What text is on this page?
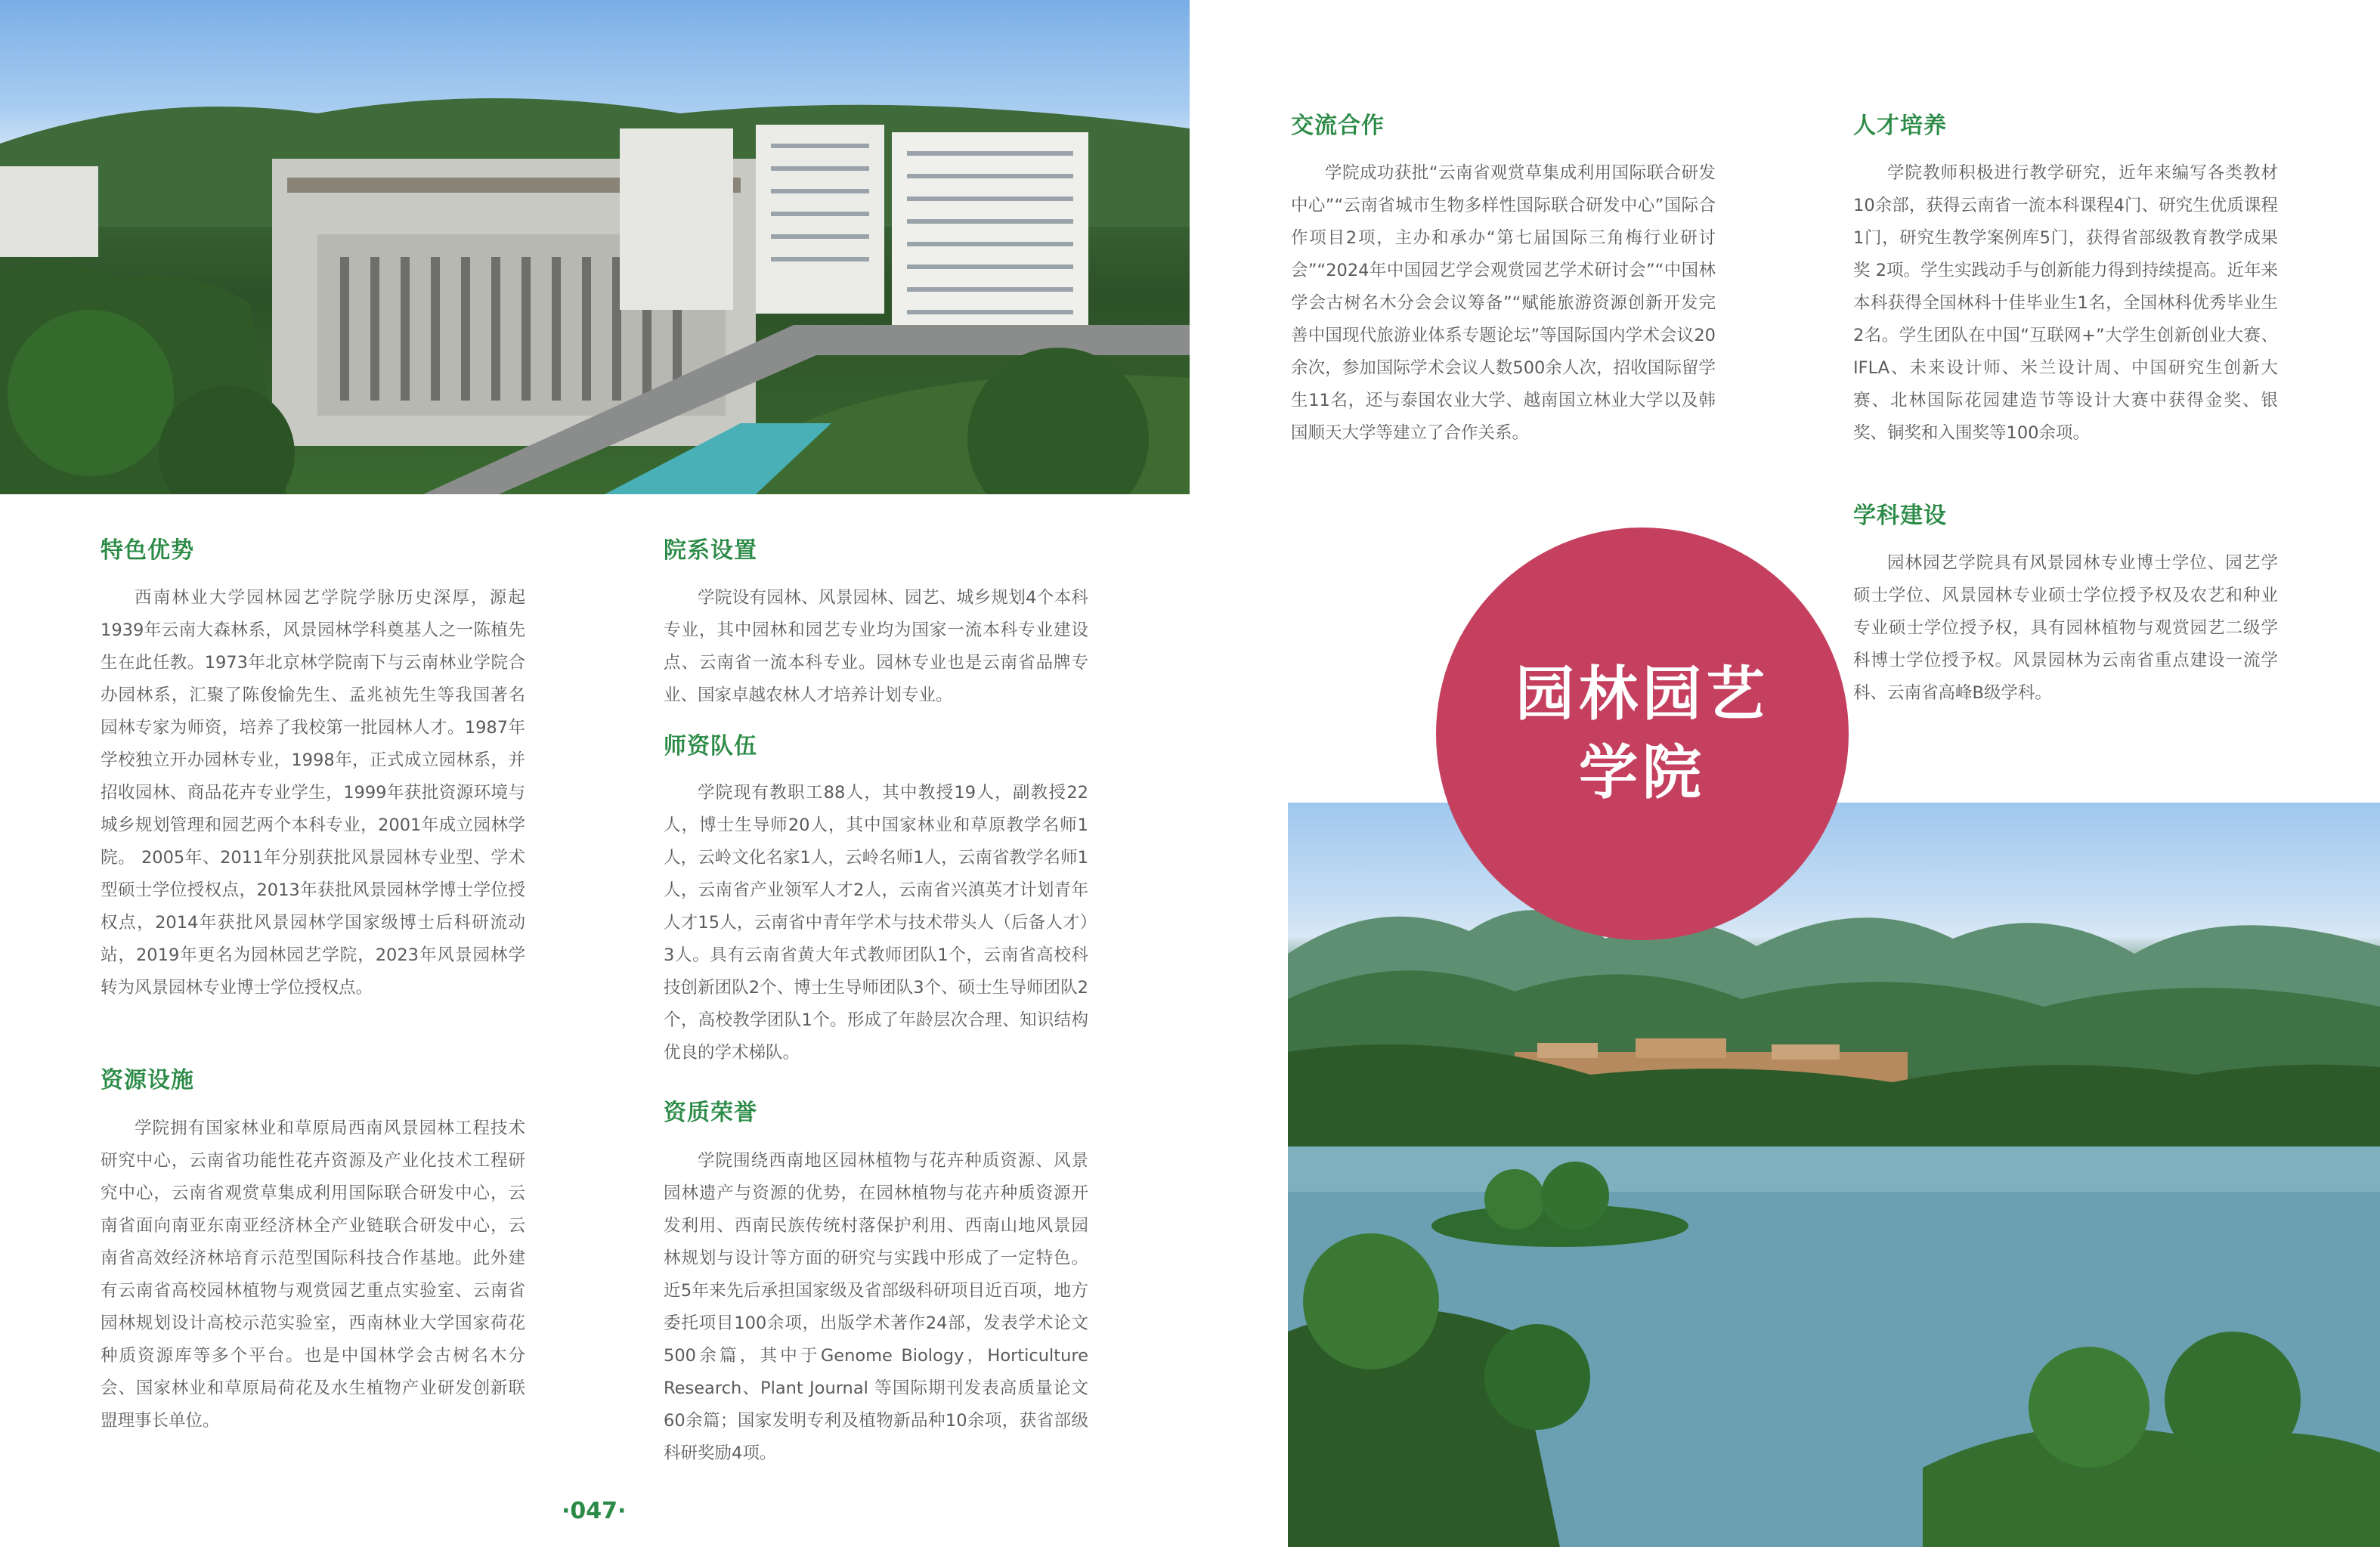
特色优势
西南林业大学园林园艺学院学脉历史深厚，源起1939年云南大森林系，风景园林学科奠基人之一陈植先生在此任教。1973年北京林学院南下与云南林业学院合办园林系，汇聚了陈俊愉先生、孟兆祯先生等我国著名园林专家为师资，培养了我校第一批园林人才。1987年学校独立开办园林专业，1998年，正式成立园林系，并招收园林、商品花卉专业学生，1999年获批资源环境与城乡规划管理和园艺两个本科专业，2001年成立园林学院。 2005年、2011年分别获批风景园林专业型、学术型硕士学位授权点，2013年获批风景园林学博士学位授权点，2014年获批风景园林学国家级博士后科研流动站，2019年更名为园林园艺学院，2023年风景园林学转为风景园林专业博士学位授权点。
资源设施
学院拥有国家林业和草原局西南风景园林工程技术研究中心，云南省功能性花卉资源及产业化技术工程研究中心，云南省观赏草集成利用国际联合研发中心，云南省面向南亚东南亚经济林全产业链联合研发中心，云南省高效经济林培育示范型国际科技合作基地。此外建有云南省高校园林植物与观赏园艺重点实验室、云南省园林规划设计高校示范实验室，西南林业大学国家荷花种质资源库等多个平台。也是中国林学会古树名木分会、国家林业和草原局荷花及水生植物产业研发创新联盟理事长单位。
院系设置
学院设有园林、风景园林、园艺、城乡规划4个本科专业，其中园林和园艺专业均为国家一流本科专业建设点、云南省一流本科专业。园林专业也是云南省品牌专业、国家卓越农林人才培养计划专业。
师资队伍
学院现有教职工88人，其中教授19人，副教授22人，博士生导师20人，其中国家林业和草原教学名师1人，云岭文化名家1人，云岭名师1人，云南省教学名师1人，云南省产业领军人才2人，云南省兴滇英才计划青年人才15人，云南省中青年学术与技术带头人（后备人才）3人。具有云南省黄大年式教师团队1个，云南省高校科技创新团队2个、博士生导师团队3个、硕士生导师团队2个，高校教学团队1个。形成了年龄层次合理、知识结构优良的学术梯队。
资质荣誉
学院围绕西南地区园林植物与花卉种质资源、风景园林遗产与资源的优势，在园林植物与花卉种质资源开发利用、西南民族传统村落保护利用、西南山地风景园林规划与设计等方面的研究与实践中形成了一定特色。近5年来先后承担国家级及省部级科研项目近百项，地方委托项目100余项，出版学术著作24部，发表学术论文500余篇，其中于Genome Biology，Horticulture Research、Plant Journal 等国际期刊发表高质量论文60余篇；国家发明专利及植物新品种10余项，获省部级科研奖励4项。
·047·
交流合作
学院成功获批“云南省观赏草集成利用国际联合研发中心”“云南省城市生物多样性国际联合研发中心”国际合作项目2项，主办和承办“第七届国际三角梅行业研讨会”“2024年中国园艺学会观赏园艺学术研讨会”“中国林学会古树名木分会会议筹备”“赋能旅游资源创新开发完善中国现代旅游业体系专题论坛”等国际国内学术会议20余次，参加国际学术会议人数500余人次，招收国际留学生11名，还与泰国农业大学、越南国立林业大学以及韩国顺天大学等建立了合作关系。
人才培养
学院教师积极进行教学研究，近年来编写各类教材10余部，获得云南省一流本科课程4门、研究生优质课程1门，研究生教学案例库5门，获得省部级教育教学成果奖 2项。学生实践动手与创新能力得到持续提高。近年来本科获得全国林科十佳毕业生1名，全国林科优秀毕业生2名。学生团队在中国“互联网+”大学生创新创业大赛、IFLA、未来设计师、米兰设计周、中国研究生创新大赛、北林国际花园建造节等设计大赛中获得金奖、银奖、铜奖和入围奖等100余项。
学科建设
园林园艺学院具有风景园林专业博士学位、园艺学硕士学位、风景园林专业硕士学位授予权及农艺和种业专业硕士学位授予权，具有园林植物与观赏园艺二级学科博士学位授予权。风景园林为云南省重点建设一流学科、云南省高峰B级学科。
园林园艺
学院
